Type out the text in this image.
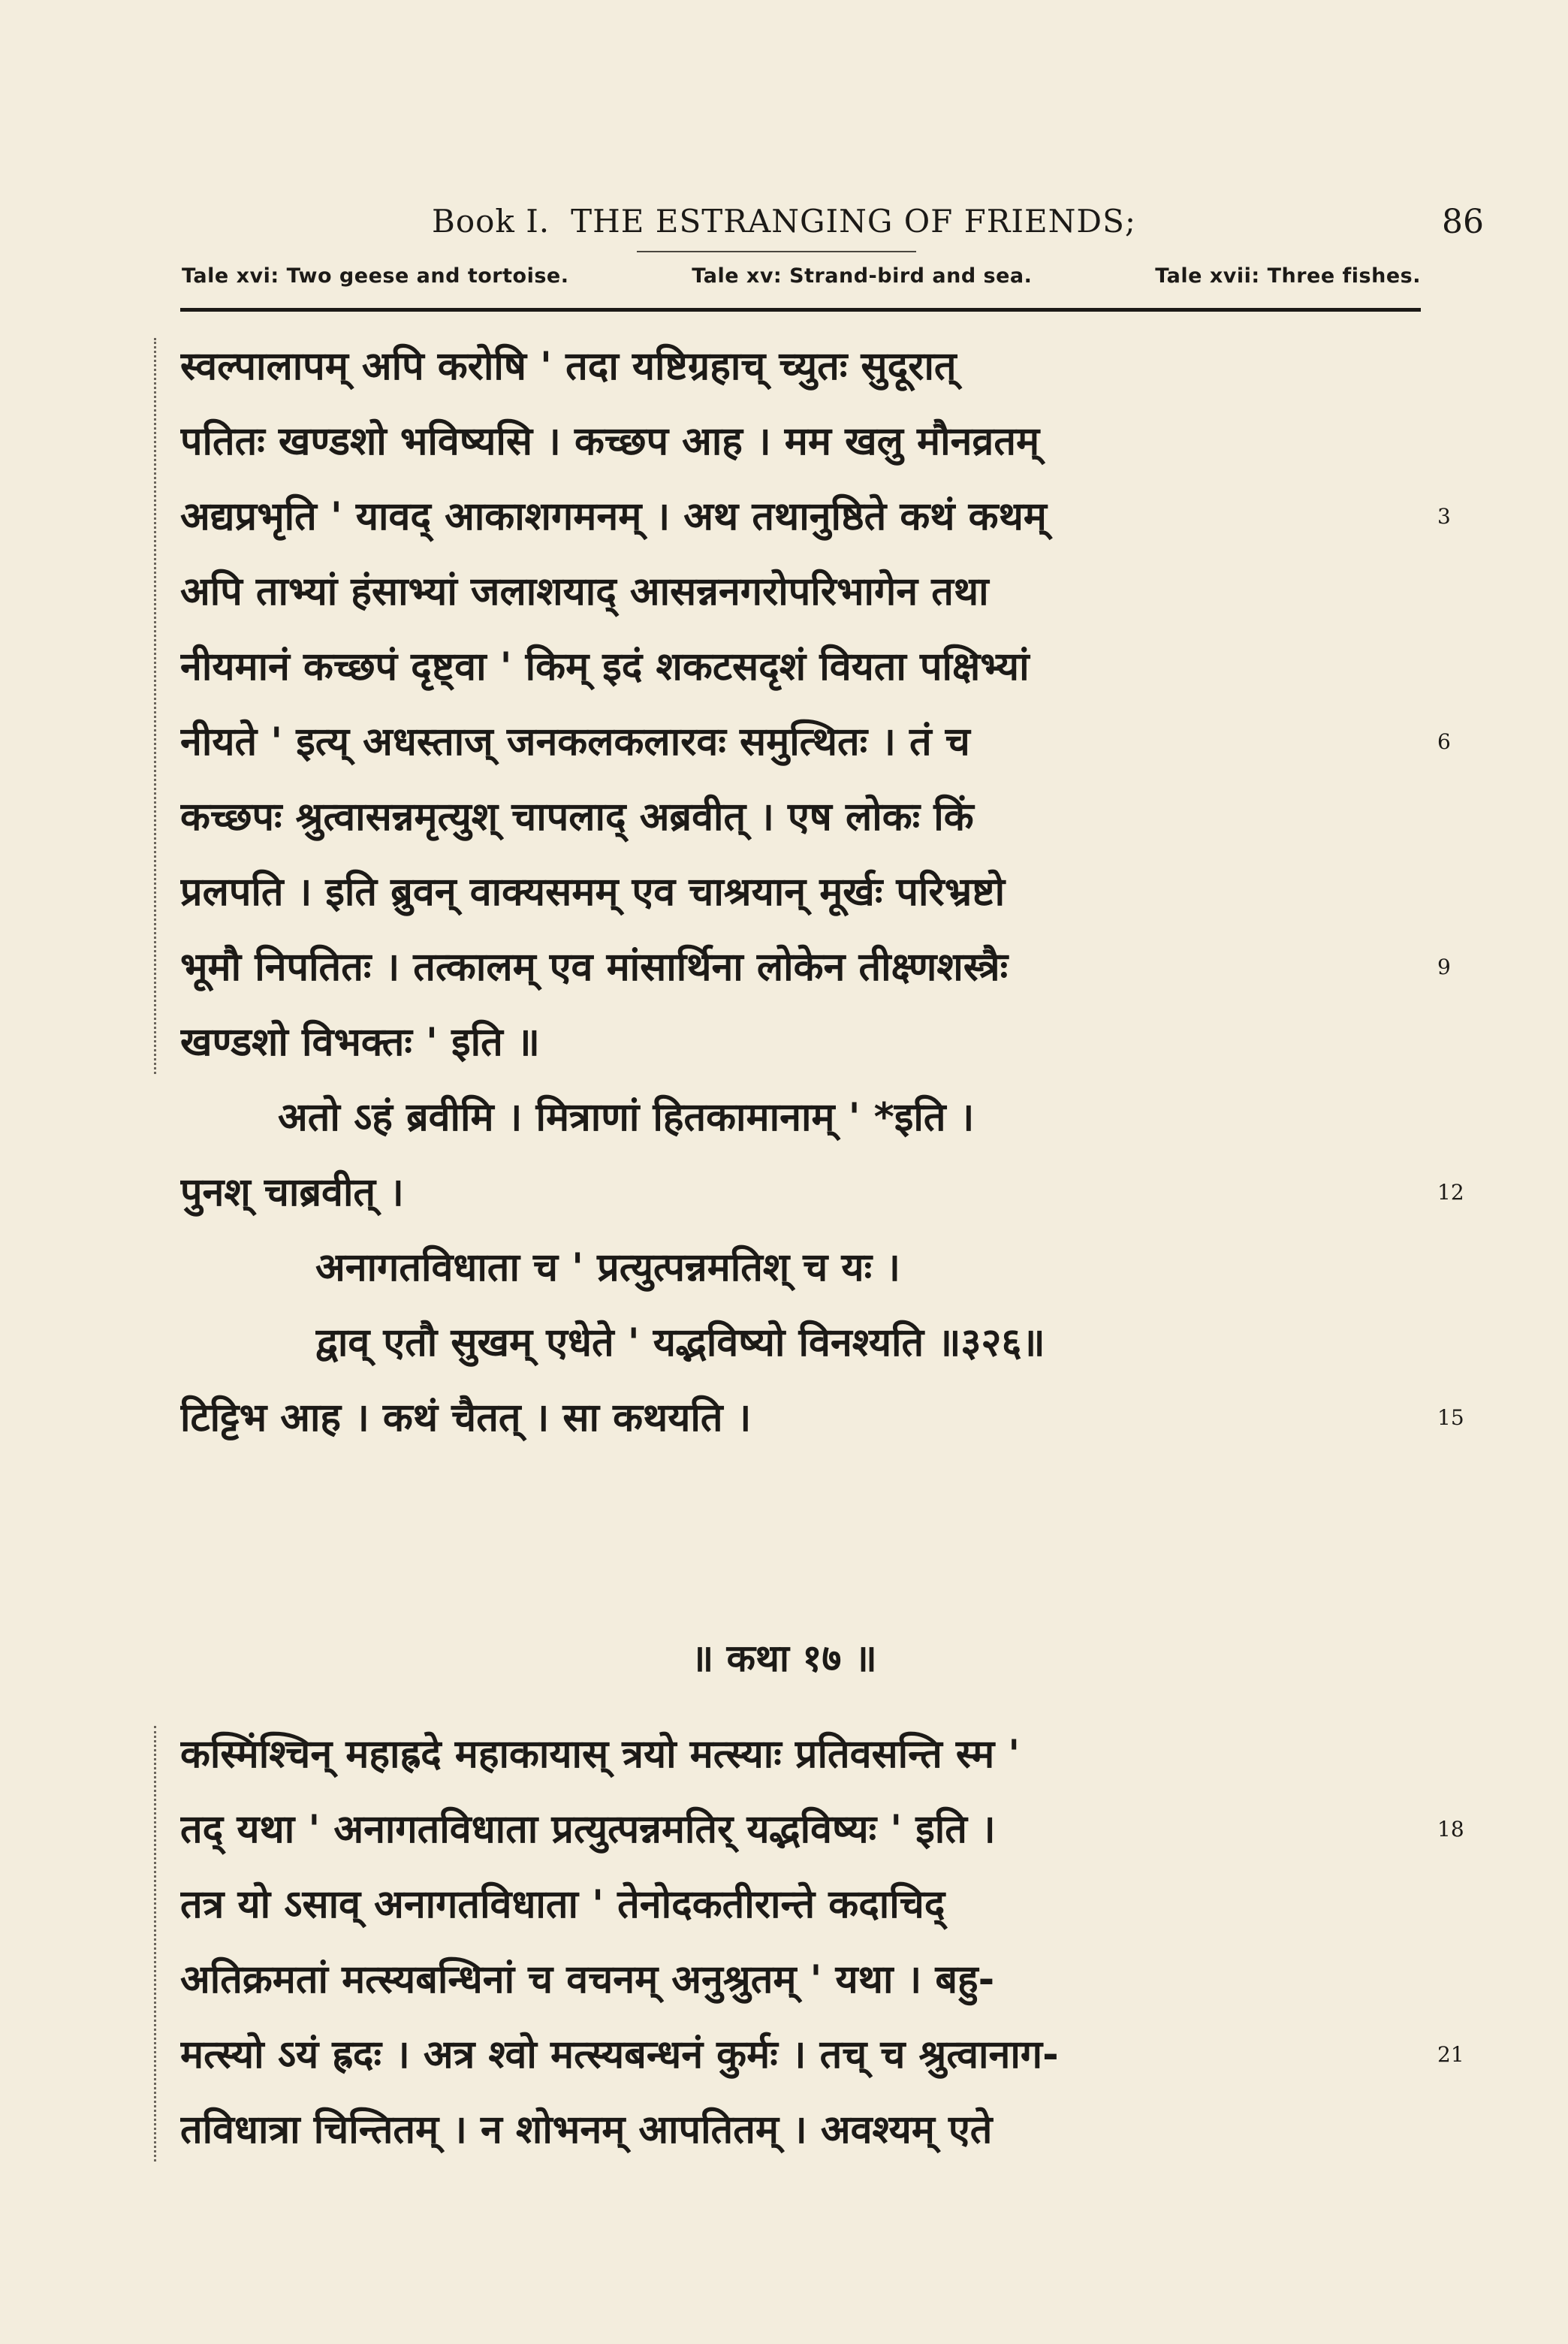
Book I. THE ESTRANGING OF FRIENDS;	86
Tale xvi: Two geese and tortoise.	Tale xv: Strand-bird and sea.	Tale xvii: Three fishes.
स्वल्पालापम् अपि करोषि ' तदा यष्टिग्रहाच् च्युतः सुदूरात्
पतितः खण्डशो भविष्यसि । कच्छप आह । मम खलु मौनव्रतम्
अद्यप्रभृति ' यावद् आकाशगमनम् । अथ तथानुष्ठिते कथं कथम्
अपि ताभ्यां हंसाभ्यां जलाशयाद् आसन्ननगरोपरिभागेन तथा
नीयमानं कच्छपं दृष्ट्वा ' किम् इदं शकटसदृशं वियता पक्षिभ्यां
नीयते ' इत्य् अधस्ताज् जनकलकलारवः समुत्थितः । तं च
कच्छपः श्रुत्वासन्नमृत्युश् चापलाद् अब्रवीत् । एष लोकः किं
प्रलपति । इति ब्रुवन् वाक्यसमम् एव चाश्रयान् मूर्खः परिभ्रष्टो
भूमौ निपतितः । तत्कालम् एव मांसार्थिना लोकेन तीक्ष्णशस्त्रैः
खण्डशो विभक्तः ' इति ॥
3
6
9
अतो ऽहं ब्रवीमि । मित्राणां हितकामानाम् ' *इति ।
पुनश् चाब्रवीत् ।
अनागतविधाता च ' प्रत्युत्पन्नमतिश् च यः ।
द्वाव् एतौ सुखम् एधेते ' यद्भविष्यो विनश्यति ॥३२६॥
टिट्टिभ आह । कथं चैतत् । सा कथयति ।
12
15
॥ कथा १७ ॥
कस्मिंश्चिन् महाह्रदे महाकायास् त्रयो मत्स्याः प्रतिवसन्ति स्म '
तद् यथा ' अनागतविधाता प्रत्युत्पन्नमतिर् यद्भविष्यः ' इति ।
तत्र यो ऽसाव् अनागतविधाता ' तेनोदकतीरान्ते कदाचिद्
अतिक्रमतां मत्स्यबन्धिनां च वचनम् अनुश्रुतम् ' यथा । बहु-
मत्स्यो ऽयं ह्रदः । अत्र श्वो मत्स्यबन्धनं कुर्मः । तच् च श्रुत्वानाग-
तविधात्रा चिन्तितम् । न शोभनम् आपतितम् । अवश्यम् एते
18
21
